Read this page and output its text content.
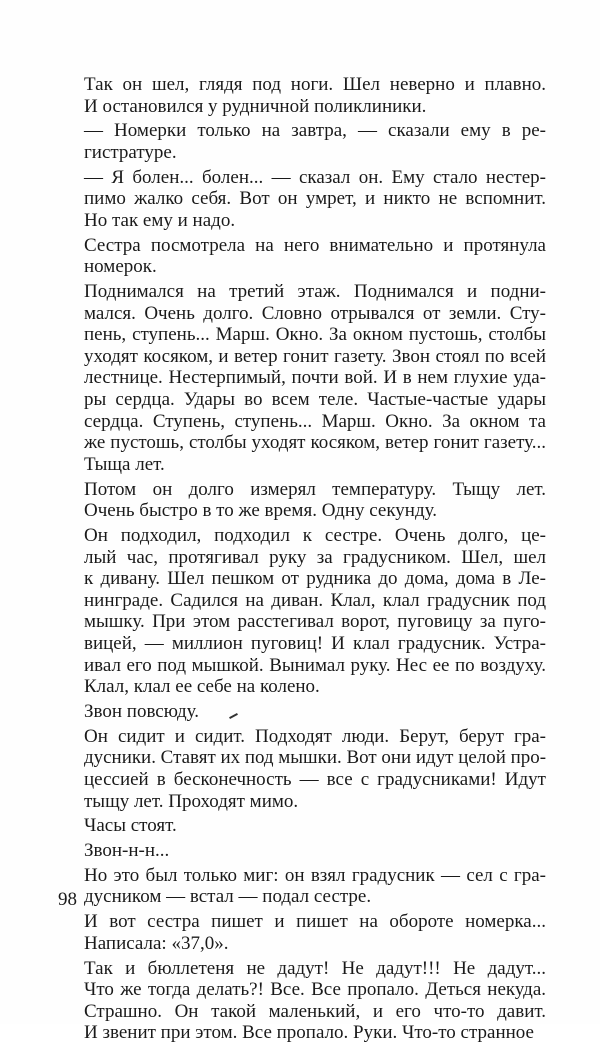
Так он шел, глядя под ноги. Шел неверно и плавно.
И остановился у рудничной поликлиники.
— Номерки только на завтра, — сказали ему в ре-
гистратуре.
— Я болен... болен... — сказал он. Ему стало нестер-
пимо жалко себя. Вот он умрет, и никто не вспомнит.
Но так ему и надо.
Сестра посмотрела на него внимательно и протянула
номерок.
Поднимался на третий этаж. Поднимался и подни-
мался. Очень долго. Словно отрывался от земли. Сту-
пень, ступень... Марш. Окно. За окном пустошь, столбы
уходят косяком, и ветер гонит газету. Звон стоял по всей
лестнице. Нестерпимый, почти вой. И в нем глухие уда-
ры сердца. Удары во всем теле. Частые-частые удары
сердца. Ступень, ступень... Марш. Окно. За окном та
же пустошь, столбы уходят косяком, ветер гонит газету...
Тыща лет.
Потом он долго измерял температуру. Тыщу лет.
Очень быстро в то же время. Одну секунду.
Он подходил, подходил к сестре. Очень долго, це-
лый час, протягивал руку за градусником. Шел, шел
к дивану. Шел пешком от рудника до дома, дома в Ле-
нинграде. Садился на диван. Клал, клал градусник под
мышку. При этом расстегивал ворот, пуговицу за пуго-
вицей, — миллион пуговиц! И клал градусник. Устра-
ивал его под мышкой. Вынимал руку. Нес ее по воздуху.
Клал, клал ее себе на колено.
Звон повсюду.
Он сидит и сидит. Подходят люди. Берут, берут гра-
дусники. Ставят их под мышки. Вот они идут целой про-
цессией в бесконечность — все с градусниками! Идут
тыщу лет. Проходят мимо.
Часы стоят.
Звон-н-н...
Но это был только миг: он взял градусник — сел с гра-
дусником — встал — подал сестре.
И вот сестра пишет и пишет на обороте номерка...
Написала: «37,0».
Так и бюллетеня не дадут! Не дадут!!! Не дадут...
Что же тогда делать?! Все. Все пропало. Деться некуда.
Страшно. Он такой маленький, и его что-то давит.
И звенит при этом. Все пропало. Руки. Что-то странное
98
